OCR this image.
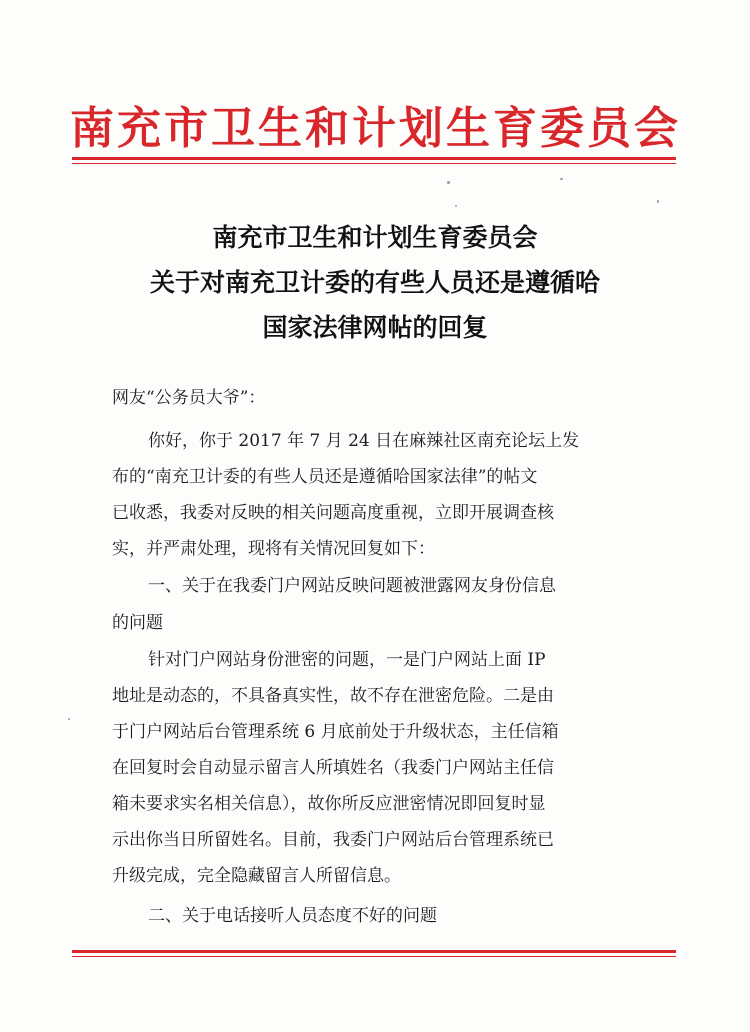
南充市卫生和计划生育委员会
南充市卫生和计划生育委员会
关于对南充卫计委的有些人员还是遵循哈
国家法律网帖的回复
网友“公务员大爷”：
你好，你于 2017 年 7 月 24 日在麻辣社区南充论坛上发
布的“南充卫计委的有些人员还是遵循哈国家法律”的帖文
已收悉，我委对反映的相关问题高度重视，立即开展调查核
实，并严肃处理，现将有关情况回复如下：
一、关于在我委门户网站反映问题被泄露网友身份信息
的问题
针对门户网站身份泄密的问题，一是门户网站上面 IP
地址是动态的，不具备真实性，故不存在泄密危险。二是由
于门户网站后台管理系统 6 月底前处于升级状态，主任信箱
在回复时会自动显示留言人所填姓名（我委门户网站主任信
箱未要求实名相关信息），故你所反应泄密情况即回复时显
示出你当日所留姓名。目前，我委门户网站后台管理系统已
升级完成，完全隐藏留言人所留信息。
二、关于电话接听人员态度不好的问题
